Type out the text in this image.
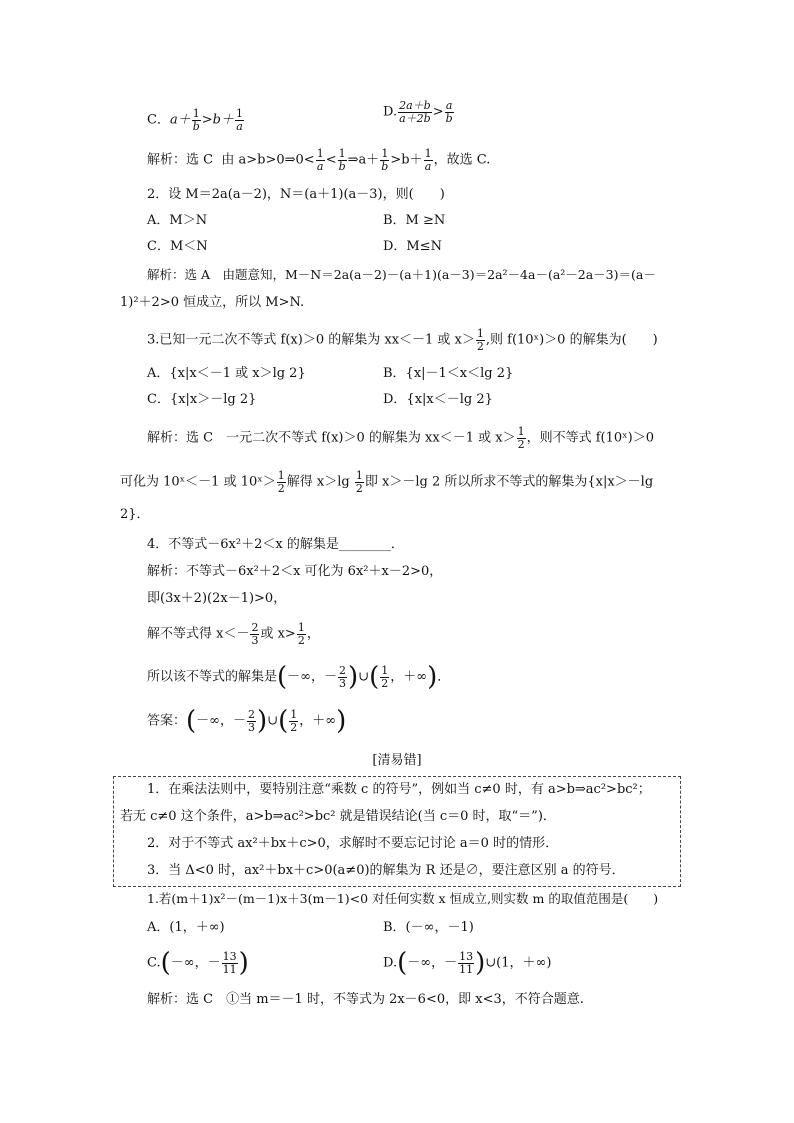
C．$a+ \frac{1}{b} >b+ \frac{1}{a}$	D. $\frac{2a+b}{a+2b} > \frac{a}{b}$
解析：选 C 由 a>b>0⇒0< $\frac{1}{a} < \frac{1}{b}$ ⇒a＋ $\frac{1}{b} >b+ \frac{1}{a}$ ，故选 C.
2．设 M＝2a(a－2)，N＝(a＋1)(a－3)，则(　　)
A．M＞N	B．M ≥N
C．M＜N	D．M≤N
解析：选 A　由题意知，M－N＝2a(a－2)－(a＋1)(a－3)＝2a²－4a－(a²－2a－3)＝(a－
1)²＋2>0 恒成立，所以 M>N.
3.已知一元二次不等式 f(x)＞0 的解集为 xx＜－1 或 $x> \frac{1}{2}$ ,则 f(10ˣ)＞0 的解集为(　　)
A．{x|x＜－1 或 x＞lg 2}	B．{x|－1＜x＜lg 2}
C．{x|x＞－lg 2}	D．{x|x＜－lg 2}
解析：选 C　一元二次不等式 f(x)＞0 的解集为 xx＜－1 或 $x> \frac{1}{2}$ ，则不等式 f(10ˣ)＞0
可化为 10ˣ＜－1 或 10ˣ＞ $\frac{1}{2}$ 解得 $x>\lg \frac{1}{2}$ 即 x＞－lg 2 所以所求不等式的解集为{x|x＞－lg
2}．
4．不等式－6x²＋2＜x 的解集是________．
解析：不等式－6x²＋2＜x 可化为 6x²＋x－2>0，
即(3x＋2)(2x－1)>0，
解不等式得 $x<- \frac{2}{3}$ 或 $x> \frac{1}{2}$ ，
所以该不等式的解集是(－∞，－ $\frac{2}{3}$ )∪( $\frac{1}{2}$ ，＋∞)．
答案：(－∞，－ $\frac{2}{3}$ )∪( $\frac{1}{2}$ ，＋∞)
[清易错]
1．在乘法法则中，要特别注意“乘数 c 的符号”，例如当 c≠0 时，有 a>b⇒ac²>bc²；
若无 c≠0 这个条件，a>b⇒ac²>bc² 就是错误结论(当 c＝0 时，取“＝”)．
2．对于不等式 ax²＋bx＋c>0，求解时不要忘记讨论 a＝0 时的情形．
3．当 Δ<0 时，ax²＋bx＋c>0(a≠0)的解集为 R 还是∅，要注意区别 a 的符号．
1.若(m＋1)x²－(m－1)x＋3(m－1)<0 对任何实数 x 恒成立,则实数 m 的取值范围是(　　)
A．(1，＋∞)	B．(－∞，－1)
C.(－∞，－ $\frac{13}{11}$ )	D.(－∞，－ $\frac{13}{11}$ )∪(1，＋∞)
解析：选 C　①当 m＝－1 时，不等式为 2x－6<0，即 x<3，不符合题意.
